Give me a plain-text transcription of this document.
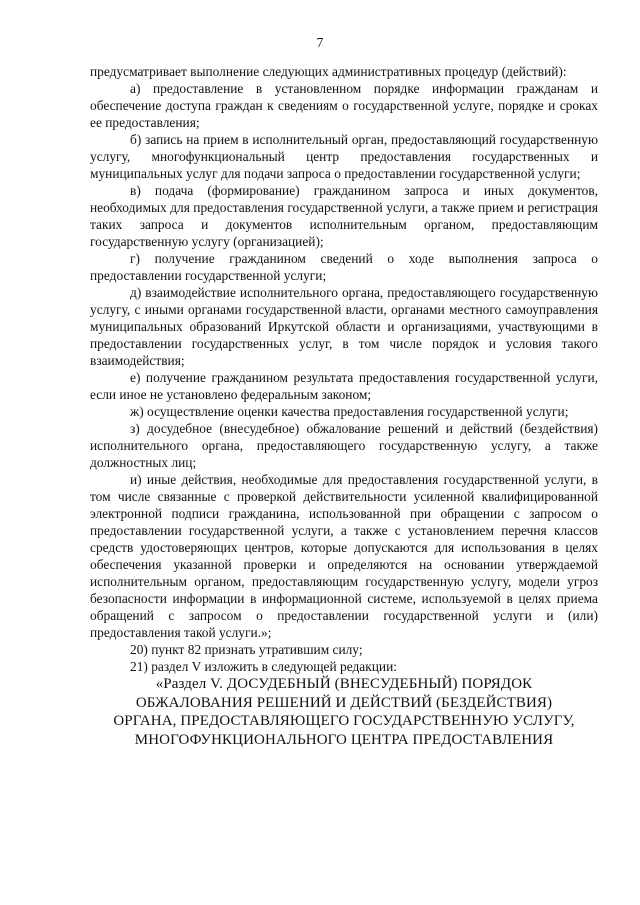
7

предусматривает выполнение следующих административных процедур (действий):

а) предоставление в установленном порядке информации гражданам и обеспечение доступа граждан к сведениям о государственной услуге, порядке и сроках ее предоставления;

б) запись на прием в исполнительный орган, предоставляющий государственную услугу, многофункциональный центр предоставления государственных и муниципальных услуг для подачи запроса о предоставлении государственной услуги;

в) подача (формирование) гражданином запроса и иных документов, необходимых для предоставления государственной услуги, а также прием и регистрация таких запроса и документов исполнительным органом, предоставляющим государственную услугу (организацией);

г) получение гражданином сведений о ходе выполнения запроса о предоставлении государственной услуги;

д) взаимодействие исполнительного органа, предоставляющего государственную услугу, с иными органами государственной власти, органами местного самоуправления муниципальных образований Иркутской области и организациями, участвующими в предоставлении государственных услуг, в том числе порядок и условия такого взаимодействия;

е) получение гражданином результата предоставления государственной услуги, если иное не установлено федеральным законом;

ж) осуществление оценки качества предоставления государственной услуги;

з) досудебное (внесудебное) обжалование решений и действий (бездействия) исполнительного органа, предоставляющего государственную услугу, а также должностных лиц;

и) иные действия, необходимые для предоставления государственной услуги, в том числе связанные с проверкой действительности усиленной квалифицированной электронной подписи гражданина, использованной при обращении с запросом о предоставлении государственной услуги, а также с установлением перечня классов средств удостоверяющих центров, которые допускаются для использования в целях обеспечения указанной проверки и определяются на основании утверждаемой исполнительным органом, предоставляющим государственную услугу, модели угроз безопасности информации в информационной системе, используемой в целях приема обращений с запросом о предоставлении государственной услуги и (или) предоставления такой услуги.»;

20) пункт 82 признать утратившим силу;

21) раздел V изложить в следующей редакции:

«Раздел V. ДОСУДЕБНЫЙ (ВНЕСУДЕБНЫЙ) ПОРЯДОК

ОБЖАЛОВАНИЯ РЕШЕНИЙ И ДЕЙСТВИЙ (БЕЗДЕЙСТВИЯ)

ОРГАНА, ПРЕДОСТАВЛЯЮЩЕГО ГОСУДАРСТВЕННУЮ УСЛУГУ,

МНОГОФУНКЦИОНАЛЬНОГО ЦЕНТРА ПРЕДОСТАВЛЕНИЯ
